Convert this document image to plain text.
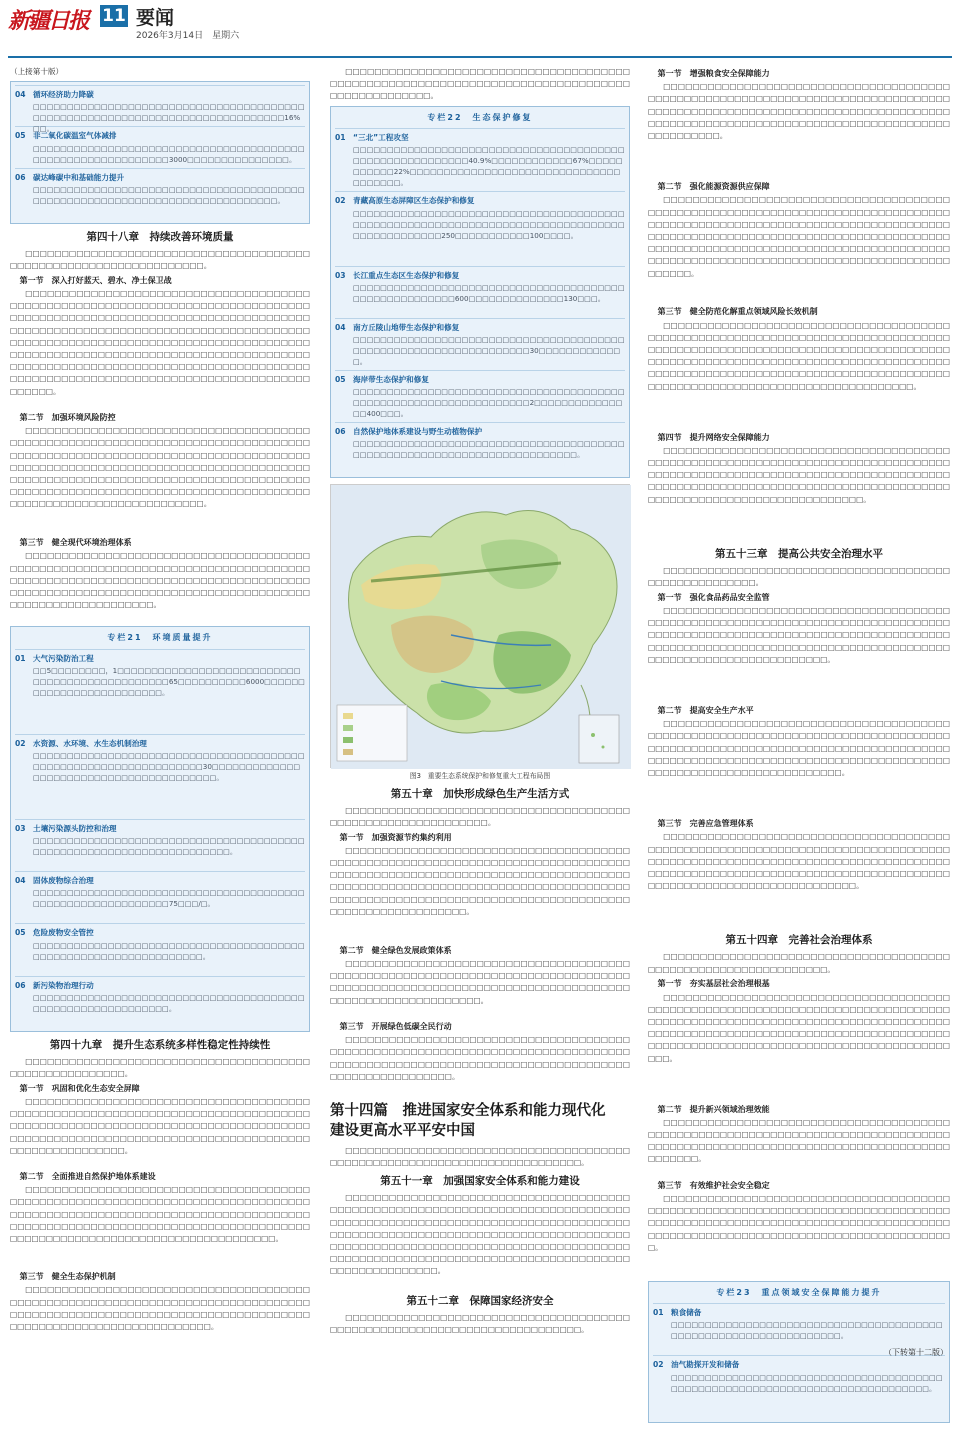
新疆日报 11 要闻
2026年3月14日　星期六
（上接第十版）
04 循环经济助力降碳
□□□□□□□□□□□□□□□□□□□□□□□□□□□□□□□□□□□□□□□□□□□□□□□□□□□□□□□□□□□□□□□□□□□□□□□□□□□□□16%□□。
05 非二氧化碳温室气体减排
□□□□□□□□□□□□□□□□□□□□□□□□□□□□□□□□□□□□□□□□□□□□□□□□□□□□□□□□□□□□3000□□□□□□□□□□□□□□□。
06 碳达峰碳中和基础能力提升
□□□□□□□□□□□□□□□□□□□□□□□□□□□□□□□□□□□□□□□□□□□□□□□□□□□□□□□□□□□□□□□□□□□□□□□□□□□□。
第四十八章　持续改善环境质量
□□□□□□□□□□□□□□□□□□□□□□□□□□□□□□□□□□□□□□□□□□□□□□□□□□□□□□□□□□□□□□□□□□。
第一节　深入打好蓝天、碧水、净土保卫战
□□□□□□□□□□□□□□□□□□□□□□□□□□□□□□□□□□□□□□□□□□□□□□□□□□□□□□□□□□□□□□□□□□□□□□□□□□□□□□□□□□□□□□□□□□□□□□□□□□□□□□□□□□□□□□□□□□□□□□□□□□□□□□□□□□□□□□□□□□□□□□□□□□□□□□□□□□□□□□□□□□□□□□□□□□□□□□□□□□□□□□□□□□□□□□□□□□□□□□□□□□□□□□□□□□□□□□□□□□□□□□□□□□□□□□□□□□□□□□□□□□□□□□□□□□□□□□□□□□□□□□□□□□□□□□□□□□□□□□□□□□□□□□□□□□□□□□□□□□□□□□□□□□□□□□□□□□□□□□□□□□□□□□□□□□□□。
第二节　加强环境风险防控
□□□□□□□□□□□□□□□□□□□□□□□□□□□□□□□□□□□□□□□□□□□□□□□□□□□□□□□□□□□□□□□□□□□□□□□□□□□□□□□□□□□□□□□□□□□□□□□□□□□□□□□□□□□□□□□□□□□□□□□□□□□□□□□□□□□□□□□□□□□□□□□□□□□□□□□□□□□□□□□□□□□□□□□□□□□□□□□□□□□□□□□□□□□□□□□□□□□□□□□□□□□□□□□□□□□□□□□□□□□□□□□□□□□□□□□□□□□□□□□□□□□□□□□□□□□□□□□□□□□□□□□□□□□□□□□。
第三节　健全现代环境治理体系
□□□□□□□□□□□□□□□□□□□□□□□□□□□□□□□□□□□□□□□□□□□□□□□□□□□□□□□□□□□□□□□□□□□□□□□□□□□□□□□□□□□□□□□□□□□□□□□□□□□□□□□□□□□□□□□□□□□□□□□□□□□□□□□□□□□□□□□□□□□□□□□□□□□□□□□□□□□□□□□□□□□□□□□□□□□□□□□□□□□□□□。
专栏21　环境质量提升
01 大气污染防治工程
□□5□□□□□□□□，1□□□□□□□□□□□□□□□□□□□□□□□□□□□□□□□□□□□□□□□□□□□□□□□65□□□□□□□□□□6000□□□□□□□□□□□□□□□□□□□□□□□□□。
02 水资源、水环境、水生态机制治理
□□□□□□□□□□□□□□□□□□□□□□□□□□□□□□□□□□□□□□□□□□□□□□□□□□□□□□□□□□□□□□□□□30□□□□□□□□□□□□□□□□□□□□□□□□□□□□□□□□□□□□□□□□。
03 土壤污染源头防控和治理
□□□□□□□□□□□□□□□□□□□□□□□□□□□□□□□□□□□□□□□□□□□□□□□□□□□□□□□□□□□□□□□□□□□□□。
04 固体废物综合治理
□□□□□□□□□□□□□□□□□□□□□□□□□□□□□□□□□□□□□□□□□□□□□□□□□□□□□□□□□□□□75□□□/□。
05 危险废物安全管控
□□□□□□□□□□□□□□□□□□□□□□□□□□□□□□□□□□□□□□□□□□□□□□□□□□□□□□□□□□□□□□□□□。
06 新污染物治理行动
□□□□□□□□□□□□□□□□□□□□□□□□□□□□□□□□□□□□□□□□□□□□□□□□□□□□□□□□□□□□。
第四十九章　提升生态系统多样性稳定性持续性
□□□□□□□□□□□□□□□□□□□□□□□□□□□□□□□□□□□□□□□□□□□□□□□□□□□□□□□。
第一节　巩固和优化生态安全屏障
□□□□□□□□□□□□□□□□□□□□□□□□□□□□□□□□□□□□□□□□□□□□□□□□□□□□□□□□□□□□□□□□□□□□□□□□□□□□□□□□□□□□□□□□□□□□□□□□□□□□□□□□□□□□□□□□□□□□□□□□□□□□□□□□□□□□□□□□□□□□□□□□□□□□□□□□□□□□□□□□□□□□□□□□□□□□□□□□□□。
第二节　全面推进自然保护地体系建设
□□□□□□□□□□□□□□□□□□□□□□□□□□□□□□□□□□□□□□□□□□□□□□□□□□□□□□□□□□□□□□□□□□□□□□□□□□□□□□□□□□□□□□□□□□□□□□□□□□□□□□□□□□□□□□□□□□□□□□□□□□□□□□□□□□□□□□□□□□□□□□□□□□□□□□□□□□□□□□□□□□□□□□□□□□□□□□□□□□□□□□□□□□□□□□□□□□□□□□□。
第三节　健全生态保护机制
□□□□□□□□□□□□□□□□□□□□□□□□□□□□□□□□□□□□□□□□□□□□□□□□□□□□□□□□□□□□□□□□□□□□□□□□□□□□□□□□□□□□□□□□□□□□□□□□□□□□□□□□□□□□□□□□□□□□□□□□□□□□□□□□□□□□□□□□□□□□□□□□□□□□□。
□□□□□□□□□□□□□□□□□□□□□□□□□□□□□□□□□□□□□□□□□□□□□□□□□□□□□□□□□□□□□□□□□□□□□□□□□□□□□□□□□□□□□□□□□□□□□□。
专栏22　生态保护修复
01 “三北”工程攻坚
□□□□□□□□□□□□□□□□□□□□□□□□□□□□□□□□□□□□□□□□□□□□□□□□□□□□□□□□□40.9%□□□□□□□□□□□□67%□□□□□□□□□□□22%□□□□□□□□□□□□□□□□□□□□□□□□□□□□□□□□□□□□□□。
02 青藏高原生态屏障区生态保护和修复
□□□□□□□□□□□□□□□□□□□□□□□□□□□□□□□□□□□□□□□□□□□□□□□□□□□□□□□□□□□□□□□□□□□□□□□□□□□□□□□□□□□□□□□□□□□□□250□□□□□□□□□□□100□□□□。
03 长江重点生态区生态保护和修复
□□□□□□□□□□□□□□□□□□□□□□□□□□□□□□□□□□□□□□□□□□□□□□□□□□□□□□□600□□□□□□□□□□□□□□130□□□。
04 南方丘陵山地带生态保护和修复
□□□□□□□□□□□□□□□□□□□□□□□□□□□□□□□□□□□□□□□□□□□□□□□□□□□□□□□□□□□□□□□□□□30□□□□□□□□□□□□□。
05 海岸带生态保护和修复
□□□□□□□□□□□□□□□□□□□□□□□□□□□□□□□□□□□□□□□□□□□□□□□□□□□□□□□□□□□□□□□□□□2□□□□□□□□□□□□□□□400□□□。
06 自然保护地体系建设与野生动植物保护
□□□□□□□□□□□□□□□□□□□□□□□□□□□□□□□□□□□□□□□□□□□□□□□□□□□□□□□□□□□□□□□□□□□□□□□□□。
图3　重要生态系统保护和修复重大工程布局图
第五十章　加快形成绿色生产生活方式
□□□□□□□□□□□□□□□□□□□□□□□□□□□□□□□□□□□□□□□□□□□□□□□□□□□□□□□□□□□□□。
第一节　加强资源节约集约利用
□□□□□□□□□□□□□□□□□□□□□□□□□□□□□□□□□□□□□□□□□□□□□□□□□□□□□□□□□□□□□□□□□□□□□□□□□□□□□□□□□□□□□□□□□□□□□□□□□□□□□□□□□□□□□□□□□□□□□□□□□□□□□□□□□□□□□□□□□□□□□□□□□□□□□□□□□□□□□□□□□□□□□□□□□□□□□□□□□□□□□□□□□□□□□□□□□□□□□□□□□□□□□□□□□□□□□□□□□□□□□□。
第二节　健全绿色发展政策体系
□□□□□□□□□□□□□□□□□□□□□□□□□□□□□□□□□□□□□□□□□□□□□□□□□□□□□□□□□□□□□□□□□□□□□□□□□□□□□□□□□□□□□□□□□□□□□□□□□□□□□□□□□□□□□□□□□□□□□□□□□□□□□□□□□□□□□□□□□□□□□□。
第三节　开展绿色低碳全民行动
□□□□□□□□□□□□□□□□□□□□□□□□□□□□□□□□□□□□□□□□□□□□□□□□□□□□□□□□□□□□□□□□□□□□□□□□□□□□□□□□□□□□□□□□□□□□□□□□□□□□□□□□□□□□□□□□□□□□□□□□□□□□□□□□□□□□□□□□□□。
第十四篇　推进国家安全体系和能力现代化　建设更高水平平安中国
□□□□□□□□□□□□□□□□□□□□□□□□□□□□□□□□□□□□□□□□□□□□□□□□□□□□□□□□□□□□□□□□□□□□□□□□□□。
第五十一章　加强国家安全体系和能力建设
□□□□□□□□□□□□□□□□□□□□□□□□□□□□□□□□□□□□□□□□□□□□□□□□□□□□□□□□□□□□□□□□□□□□□□□□□□□□□□□□□□□□□□□□□□□□□□□□□□□□□□□□□□□□□□□□□□□□□□□□□□□□□□□□□□□□□□□□□□□□□□□□□□□□□□□□□□□□□□□□□□□□□□□□□□□□□□□□□□□□□□□□□□□□□□□□□□□□□□□□□□□□□□□□□□□□□□□□□□□□□□□□□□□□□□□□□□□□□□□□□□□□□□□□□□□□□□□□□□□。
第五十二章　保障国家经济安全
□□□□□□□□□□□□□□□□□□□□□□□□□□□□□□□□□□□□□□□□□□□□□□□□□□□□□□□□□□□□□□□□□□□□□□□□□□。
第一节　增强粮食安全保障能力
□□□□□□□□□□□□□□□□□□□□□□□□□□□□□□□□□□□□□□□□□□□□□□□□□□□□□□□□□□□□□□□□□□□□□□□□□□□□□□□□□□□□□□□□□□□□□□□□□□□□□□□□□□□□□□□□□□□□□□□□□□□□□□□□□□□□□□□□□□□□□□□□□□□□□□□□□□□□□□□□□□□□□□□□□□□□□□□。
第二节　强化能源资源供应保障
□□□□□□□□□□□□□□□□□□□□□□□□□□□□□□□□□□□□□□□□□□□□□□□□□□□□□□□□□□□□□□□□□□□□□□□□□□□□□□□□□□□□□□□□□□□□□□□□□□□□□□□□□□□□□□□□□□□□□□□□□□□□□□□□□□□□□□□□□□□□□□□□□□□□□□□□□□□□□□□□□□□□□□□□□□□□□□□□□□□□□□□□□□□□□□□□□□□□□□□□□□□□□□□□□□□□□□□□□□□□□□□□□□□□□□□□□□□□□□□□□□□□□□□□□□□□□□□。
第三节　健全防范化解重点领域风险长效机制
□□□□□□□□□□□□□□□□□□□□□□□□□□□□□□□□□□□□□□□□□□□□□□□□□□□□□□□□□□□□□□□□□□□□□□□□□□□□□□□□□□□□□□□□□□□□□□□□□□□□□□□□□□□□□□□□□□□□□□□□□□□□□□□□□□□□□□□□□□□□□□□□□□□□□□□□□□□□□□□□□□□□□□□□□□□□□□□□□□□□□□□□□□□□□□□□□□□□□□□□□□□□□□□□□□□□□□□□□□□□□□□□□□□□□□□□□□□□□□□□□□□□。
第四节　提升网络安全保障能力
□□□□□□□□□□□□□□□□□□□□□□□□□□□□□□□□□□□□□□□□□□□□□□□□□□□□□□□□□□□□□□□□□□□□□□□□□□□□□□□□□□□□□□□□□□□□□□□□□□□□□□□□□□□□□□□□□□□□□□□□□□□□□□□□□□□□□□□□□□□□□□□□□□□□□□□□□□□□□□□□□□□□□□□□□□□□□□□□□□□□□□□□□□□□□□□□□□□。
第五十三章　提高公共安全治理水平
□□□□□□□□□□□□□□□□□□□□□□□□□□□□□□□□□□□□□□□□□□□□□□□□□□□□□□。
第一节　强化食品药品安全监管
□□□□□□□□□□□□□□□□□□□□□□□□□□□□□□□□□□□□□□□□□□□□□□□□□□□□□□□□□□□□□□□□□□□□□□□□□□□□□□□□□□□□□□□□□□□□□□□□□□□□□□□□□□□□□□□□□□□□□□□□□□□□□□□□□□□□□□□□□□□□□□□□□□□□□□□□□□□□□□□□□□□□□□□□□□□□□□□□□□□□□□□□□□□□□□。
第二节　提高安全生产水平
□□□□□□□□□□□□□□□□□□□□□□□□□□□□□□□□□□□□□□□□□□□□□□□□□□□□□□□□□□□□□□□□□□□□□□□□□□□□□□□□□□□□□□□□□□□□□□□□□□□□□□□□□□□□□□□□□□□□□□□□□□□□□□□□□□□□□□□□□□□□□□□□□□□□□□□□□□□□□□□□□□□□□□□□□□□□□□□□□□□□□□□□□□□□□□□□。
第三节　完善应急管理体系
□□□□□□□□□□□□□□□□□□□□□□□□□□□□□□□□□□□□□□□□□□□□□□□□□□□□□□□□□□□□□□□□□□□□□□□□□□□□□□□□□□□□□□□□□□□□□□□□□□□□□□□□□□□□□□□□□□□□□□□□□□□□□□□□□□□□□□□□□□□□□□□□□□□□□□□□□□□□□□□□□□□□□□□□□□□□□□□□□□□□□□□□□□□□□□□□□□。
第五十四章　完善社会治理体系
□□□□□□□□□□□□□□□□□□□□□□□□□□□□□□□□□□□□□□□□□□□□□□□□□□□□□□□□□□□□□□□□。
第一节　夯实基层社会治理根基
□□□□□□□□□□□□□□□□□□□□□□□□□□□□□□□□□□□□□□□□□□□□□□□□□□□□□□□□□□□□□□□□□□□□□□□□□□□□□□□□□□□□□□□□□□□□□□□□□□□□□□□□□□□□□□□□□□□□□□□□□□□□□□□□□□□□□□□□□□□□□□□□□□□□□□□□□□□□□□□□□□□□□□□□□□□□□□□□□□□□□□□□□□□□□□□□□□□□□□□□□□□□□□□□□□。
第二节　提升新兴领域治理效能
□□□□□□□□□□□□□□□□□□□□□□□□□□□□□□□□□□□□□□□□□□□□□□□□□□□□□□□□□□□□□□□□□□□□□□□□□□□□□□□□□□□□□□□□□□□□□□□□□□□□□□□□□□□□□□□□□□□□□□□□□□□□□□□□□□。
第三节　有效维护社会安全稳定
□□□□□□□□□□□□□□□□□□□□□□□□□□□□□□□□□□□□□□□□□□□□□□□□□□□□□□□□□□□□□□□□□□□□□□□□□□□□□□□□□□□□□□□□□□□□□□□□□□□□□□□□□□□□□□□□□□□□□□□□□□□□□□□□□□□□□□□□□□□□□□□□□□□□□□□□□□□□□□□□□□□□□□。
专栏23　重点领域安全保障能力提升
01 粮食储备
□□□□□□□□□□□□□□□□□□□□□□□□□□□□□□□□□□□□□□□□□□□□□□□□□□□□□□□□□□□□□□□□□。
02 油气勘探开发和储备
□□□□□□□□□□□□□□□□□□□□□□□□□□□□□□□□□□□□□□□□□□□□□□□□□□□□□□□□□□□□□□□□□□□□□□□□□□□□□□。
（下转第十二版）
